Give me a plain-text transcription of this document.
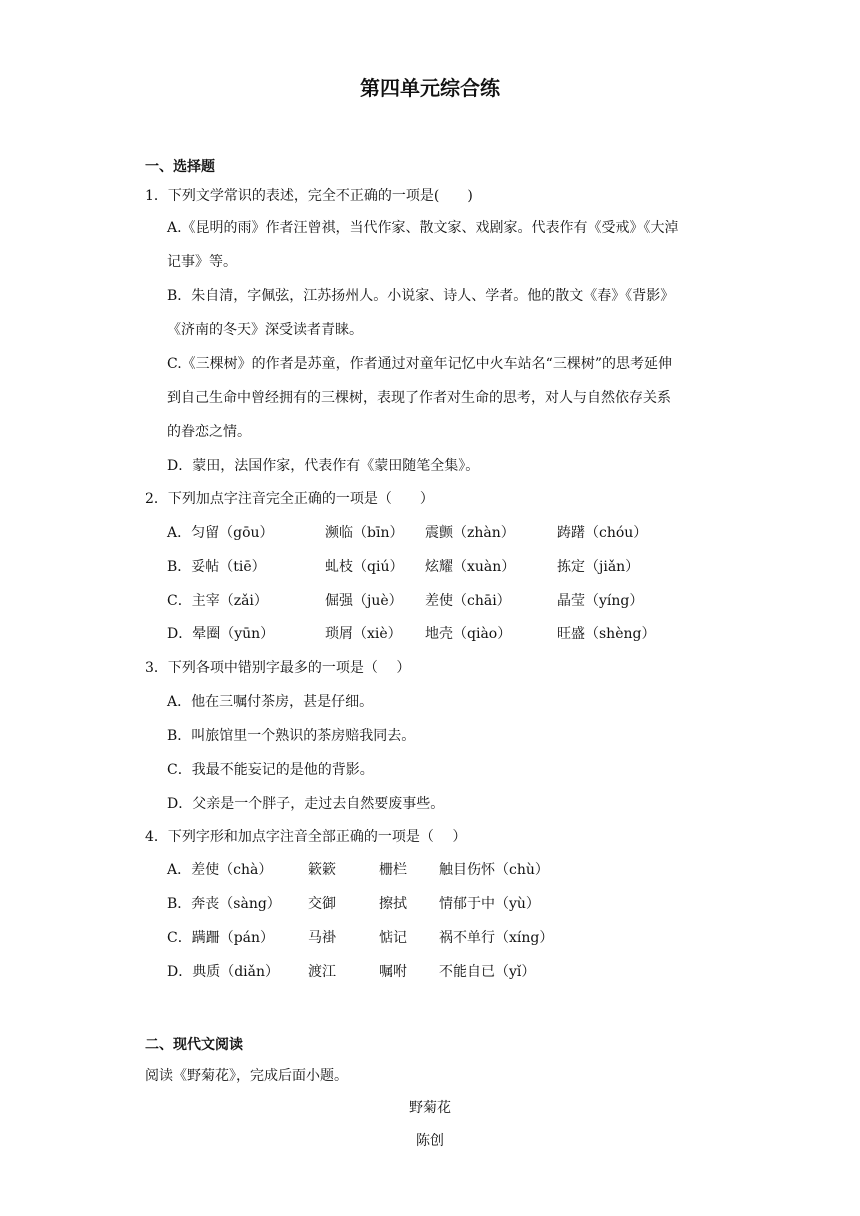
第四单元综合练
一、选择题
1．下列文学常识的表述，完全不正确的一项是(　　)
A.《昆明的雨》作者汪曾祺，当代作家、散文家、戏剧家。代表作有《受戒》《大淖
记事》等。
B．朱自清，字佩弦，江苏扬州人。小说家、诗人、学者。他的散文《春》《背影》
《济南的冬天》深受读者青睐。
C.《三棵树》的作者是苏童，作者通过对童年记忆中火车站名“三棵树”的思考延伸
到自己生命中曾经拥有的三棵树，表现了作者对生命的思考，对人与自然依存关系
的眷恋之情。
D．蒙田，法国作家，代表作有《蒙田随笔全集》。
2．下列加点字注音完全正确的一项是（　　）
A．匀留（gōu）	濒临（bīn） 震颤（zhàn）	踌躇（chóu）
B．妥帖（tiē）	虬枝（qiú） 炫耀（xuàn）	拣定（jiǎn）
C．主宰（zǎi）	倔强（juè） 差使（chāi）	晶莹（yíng）
D．晕圈（yūn）	琐屑（xiè） 地壳（qiào）	旺盛（shèng）
3．下列各项中错别字最多的一项是（　 ）
A．他在三嘱付茶房，甚是仔细。
B．叫旅馆里一个熟识的茶房赔我同去。
C．我最不能妄记的是他的背影。
D．父亲是一个胖子，走过去自然要废事些。
4．下列字形和加点字注音全部正确的一项是（　 ）
A．差使（chà）	簌簌	栅栏 触目伤怀（chù）
B．奔丧（sàng） 交御	擦拭 情郁于中（yù）
C．蹒跚（pán） 马褂	惦记 祸不单行（xíng）
D．典质（diǎn） 渡江	嘱咐 不能自已（yǐ）
二、现代文阅读
阅读《野菊花》，完成后面小题。
野菊花
陈创
